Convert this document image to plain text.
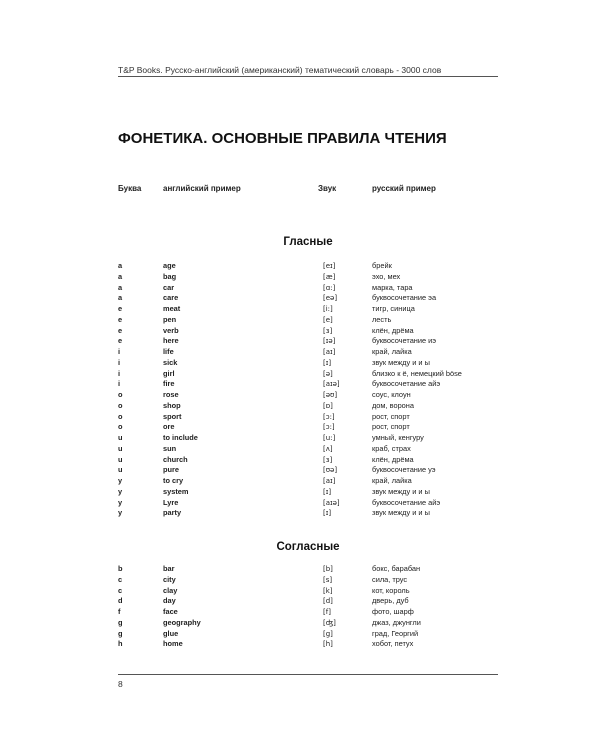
T&P Books. Русско-английский (американский) тематический словарь - 3000 слов
ФОНЕТИКА. ОСНОВНЫЕ ПРАВИЛА ЧТЕНИЯ
Буква	английский пример	Звук	русский пример
Гласные
a	age	[eɪ]	брейк
a	bag	[æ]	эхо, мех
a	car	[ɑ:]	марка, тара
a	care	[eə]	буквосочетание эа
e	meat	[i:]	тигр, синица
e	pen	[e]	лесть
e	verb	[ɜ]	клён, дрёма
e	here	[ɪə]	буквосочетание иэ
i	life	[aɪ]	край, лайка
i	sick	[ɪ]	звук между и и ы
i	girl	[ə]	близко к ё, немецкий böse
i	fire	[aɪə]	буквосочетание айэ
o	rose	[əʊ]	соус, клоун
o	shop	[ɒ]	дом, ворона
o	sport	[ɔ:]	рост, спорт
o	ore	[ɔ:]	рост, спорт
u	to include	[u:]	умный, кенгуру
u	sun	[ʌ]	краб, страх
u	church	[ɜ]	клён, дрёма
u	pure	[ʊə]	буквосочетание уэ
y	to cry	[aɪ]	край, лайка
y	system	[ɪ]	звук между и и ы
y	Lyre	[aɪə]	буквосочетание айэ
y	party	[ɪ]	звук между и и ы
Согласные
b	bar	[b]	бокс, барабан
c	city	[s]	сила, трус
c	clay	[k]	кот, король
d	day	[d]	дверь, дуб
f	face	[f]	фото, шарф
g	geography	[ʤ]	джаз, джунгли
g	glue	[g]	град, Георгий
h	home	[h]	хобот, петух
8
